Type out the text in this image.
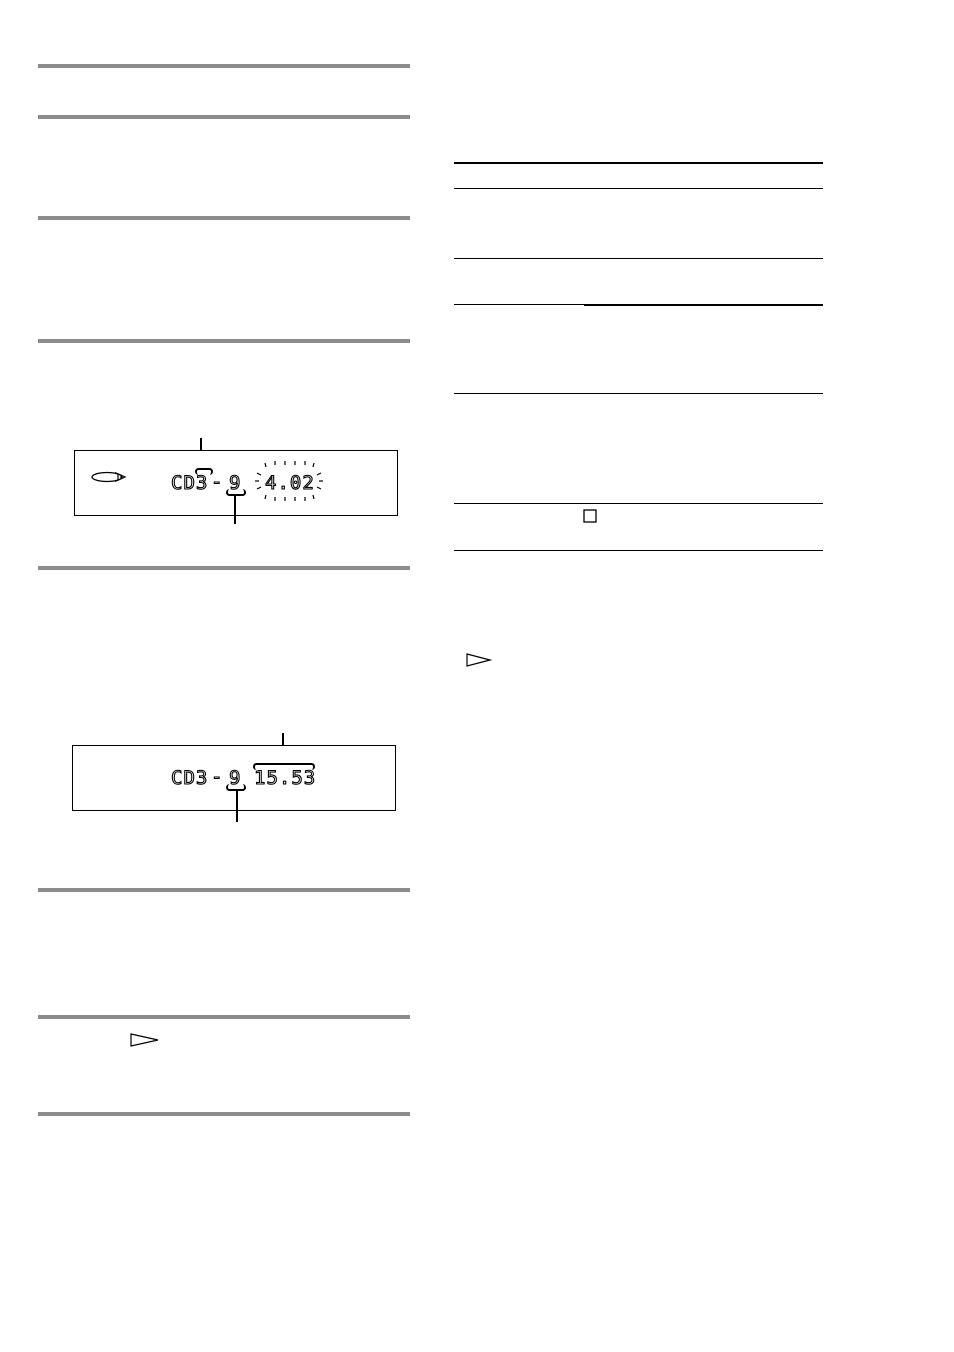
CD3 - 9 4.02
CD3 - 9 15.53
